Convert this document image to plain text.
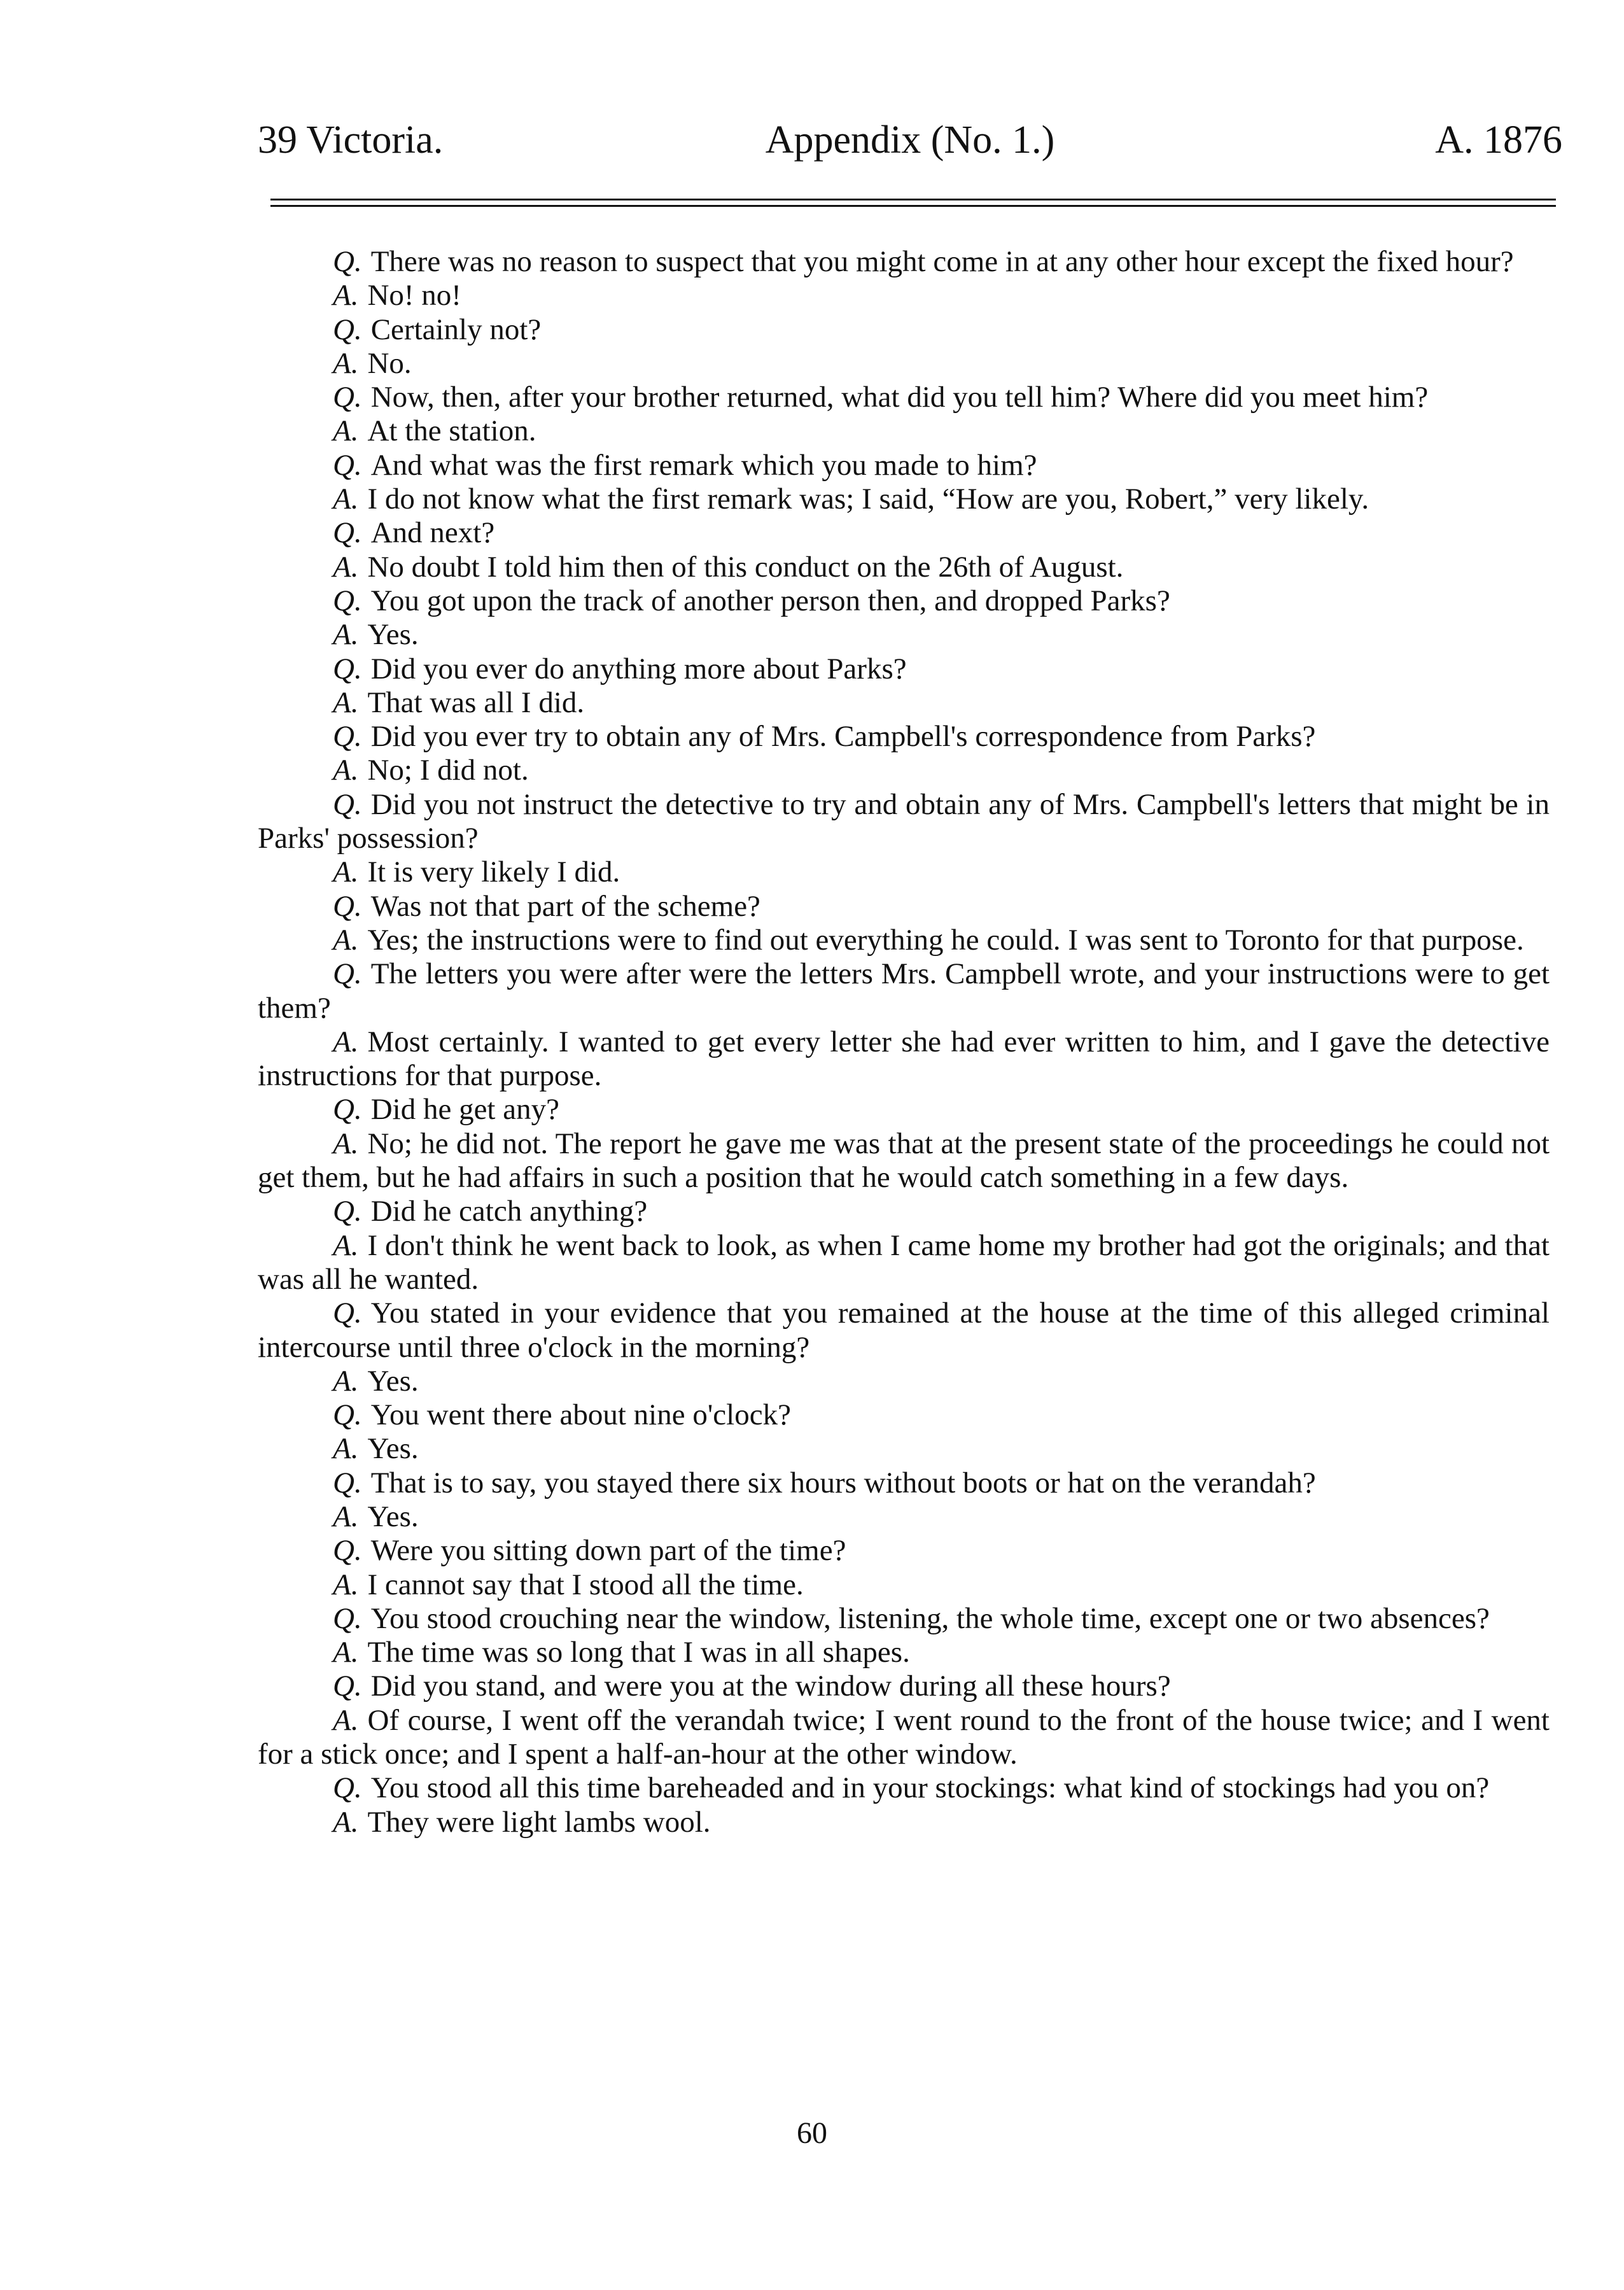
39 Victoria.	Appendix (No. 1.)	A. 1876

Q. There was no reason to suspect that you might come in at any other hour except the fixed hour?

A. No! no!

Q. Certainly not?

A. No.

Q. Now, then, after your brother returned, what did you tell him? Where did you meet him?

A. At the station.

Q. And what was the first remark which you made to him?

A. I do not know what the first remark was; I said, “How are you, Robert,” very likely.

Q. And next?

A. No doubt I told him then of this conduct on the 26th of August.

Q. You got upon the track of another person then, and dropped Parks?

A. Yes.

Q. Did you ever do anything more about Parks?

A. That was all I did.

Q. Did you ever try to obtain any of Mrs. Campbell's correspondence from Parks?

A. No; I did not.

Q. Did you not instruct the detective to try and obtain any of Mrs. Campbell's letters that might be in Parks' possession?

A. It is very likely I did.

Q. Was not that part of the scheme?

A. Yes; the instructions were to find out everything he could. I was sent to Toronto for that purpose.

Q. The letters you were after were the letters Mrs. Campbell wrote, and your instructions were to get them?

A. Most certainly. I wanted to get every letter she had ever written to him, and I gave the detective instructions for that purpose.

Q. Did he get any?

A. No; he did not. The report he gave me was that at the present state of the proceedings he could not get them, but he had affairs in such a position that he would catch something in a few days.

Q. Did he catch anything?

A. I don't think he went back to look, as when I came home my brother had got the originals; and that was all he wanted.

Q. You stated in your evidence that you remained at the house at the time of this alleged criminal intercourse until three o'clock in the morning?

A. Yes.

Q. You went there about nine o'clock?

A. Yes.

Q. That is to say, you stayed there six hours without boots or hat on the verandah?

A. Yes.

Q. Were you sitting down part of the time?

A. I cannot say that I stood all the time.

Q. You stood crouching near the window, listening, the whole time, except one or two absences?

A. The time was so long that I was in all shapes.

Q. Did you stand, and were you at the window during all these hours?

A. Of course, I went off the verandah twice; I went round to the front of the house twice; and I went for a stick once; and I spent a half-an-hour at the other window.

Q. You stood all this time bareheaded and in your stockings: what kind of stockings had you on?

A. They were light lambs wool.

60
